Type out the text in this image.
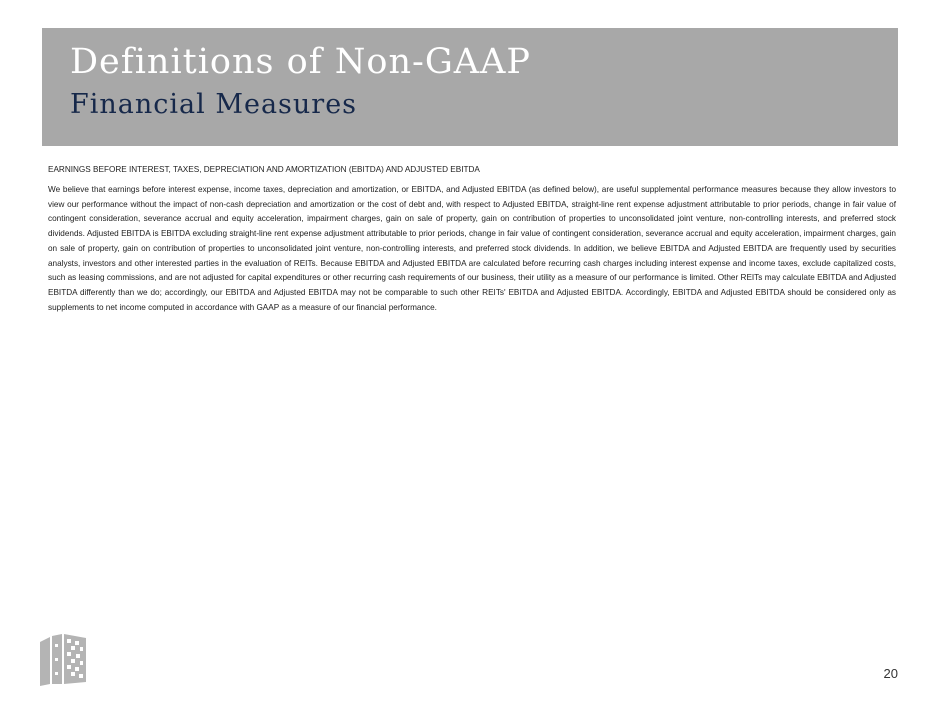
Definitions of Non-GAAP
Financial Measures
EARNINGS BEFORE INTEREST, TAXES, DEPRECIATION AND AMORTIZATION (EBITDA) AND ADJUSTED EBITDA

We believe that earnings before interest expense, income taxes, depreciation and amortization, or EBITDA, and Adjusted EBITDA (as defined below), are useful supplemental performance measures because they allow investors to view our performance without the impact of non-cash depreciation and amortization or the cost of debt and, with respect to Adjusted EBITDA, straight-line rent expense adjustment attributable to prior periods, change in fair value of contingent consideration, severance accrual and equity acceleration, impairment charges, gain on sale of property, gain on contribution of properties to unconsolidated joint venture, non-controlling interests, and preferred stock dividends. Adjusted EBITDA is EBITDA excluding straight-line rent expense adjustment attributable to prior periods, change in fair value of contingent consideration, severance accrual and equity acceleration, impairment charges, gain on sale of property, gain on contribution of properties to unconsolidated joint venture, non-controlling interests, and preferred stock dividends. In addition, we believe EBITDA and Adjusted EBITDA are frequently used by securities analysts, investors and other interested parties in the evaluation of REITs. Because EBITDA and Adjusted EBITDA are calculated before recurring cash charges including interest expense and income taxes, exclude capitalized costs, such as leasing commissions, and are not adjusted for capital expenditures or other recurring cash requirements of our business, their utility as a measure of our performance is limited. Other REITs may calculate EBITDA and Adjusted EBITDA differently than we do; accordingly, our EBITDA and Adjusted EBITDA may not be comparable to such other REITs' EBITDA and Adjusted EBITDA. Accordingly, EBITDA and Adjusted EBITDA should be considered only as supplements to net income computed in accordance with GAAP as a measure of our financial performance.

20
